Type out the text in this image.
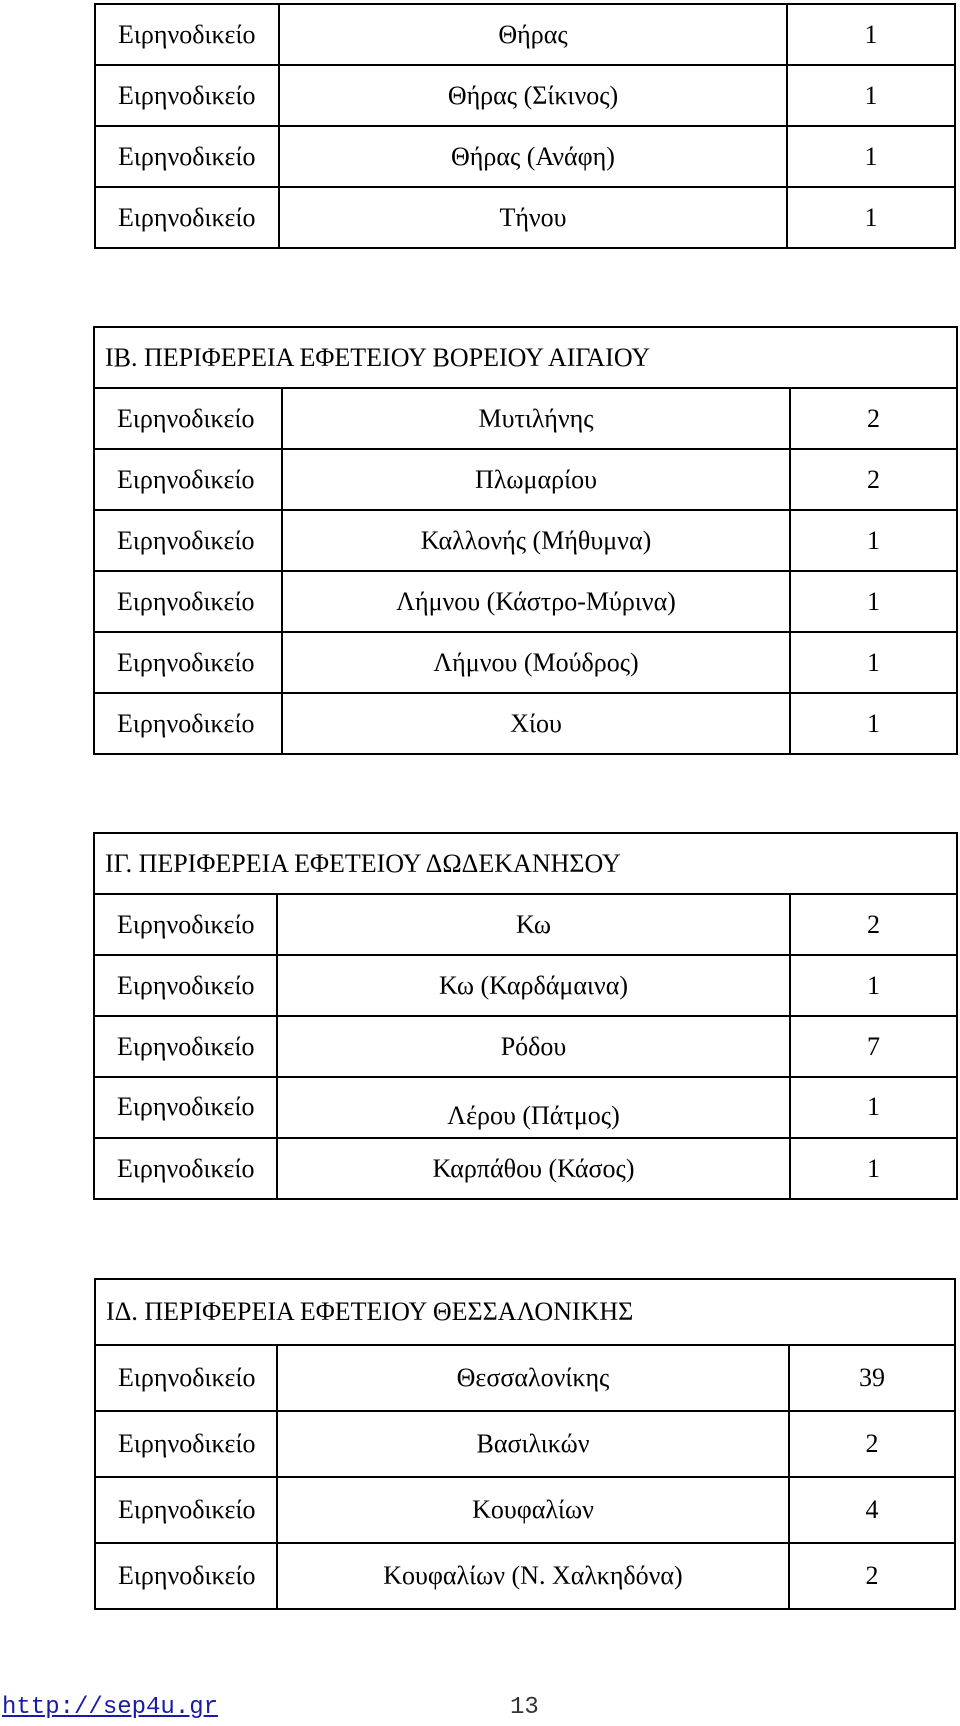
Ειρηνοδικείο	Θήρας	1
Ειρηνοδικείο	Θήρας (Σίκινος)	1
Ειρηνοδικείο	Θήρας (Ανάφη)	1
Ειρηνοδικείο	Τήνου	1
ΙΒ. ΠΕΡΙΦΕΡΕΙΑ ΕΦΕΤΕΙΟΥ ΒΟΡΕΙΟΥ ΑΙΓΑΙΟΥ		
Ειρηνοδικείο	Μυτιλήνης	2
Ειρηνοδικείο	Πλωμαρίου	2
Ειρηνοδικείο	Καλλονής (Μήθυμνα)	1
Ειρηνοδικείο	Λήμνου (Κάστρο-Μύρινα)	1
Ειρηνοδικείο	Λήμνου (Μούδρος)	1
Ειρηνοδικείο	Χίου	1
ΙΓ. ΠΕΡΙΦΕΡΕΙΑ ΕΦΕΤΕΙΟΥ ΔΩΔΕΚΑΝΗΣΟΥ		
Ειρηνοδικείο	Κω	2
Ειρηνοδικείο	Κω (Καρδάμαινα)	1
Ειρηνοδικείο	Ρόδου	7
Ειρηνοδικείο	Λέρου (Πάτμος)	1
Ειρηνοδικείο	Καρπάθου (Κάσος)	1
ΙΔ. ΠΕΡΙΦΕΡΕΙΑ ΕΦΕΤΕΙΟΥ ΘΕΣΣΑΛΟΝΙΚΗΣ		
Ειρηνοδικείο	Θεσσαλονίκης	39
Ειρηνοδικείο	Βασιλικών	2
Ειρηνοδικείο	Κουφαλίων	4
Ειρηνοδικείο	Κουφαλίων (Ν. Χαλκηδόνα)	2
http://sep4u.gr	13
